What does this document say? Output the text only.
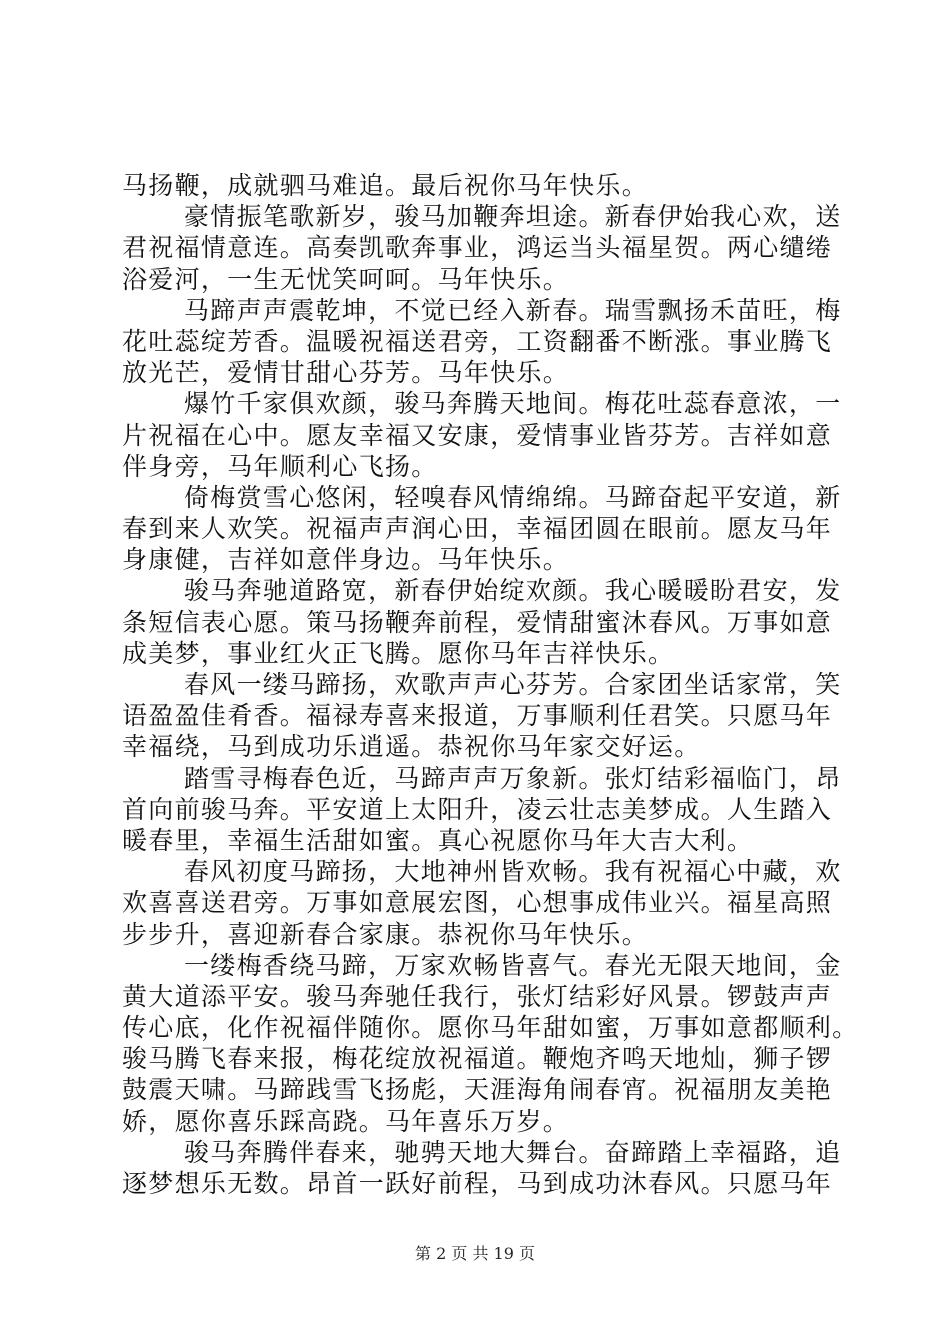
马扬鞭，成就驷马难追。最后祝你马年快乐。
豪情振笔歌新岁，骏马加鞭奔坦途。新春伊始我心欢，送
君祝福情意连。高奏凯歌奔事业，鸿运当头福星贺。两心缱绻
浴爱河，一生无忧笑呵呵。马年快乐。
马蹄声声震乾坤，不觉已经入新春。瑞雪飘扬禾苗旺，梅
花吐蕊绽芳香。温暖祝福送君旁，工资翻番不断涨。事业腾飞
放光芒，爱情甘甜心芬芳。马年快乐。
爆竹千家俱欢颜，骏马奔腾天地间。梅花吐蕊春意浓，一
片祝福在心中。愿友幸福又安康，爱情事业皆芬芳。吉祥如意
伴身旁，马年顺利心飞扬。
倚梅赏雪心悠闲，轻嗅春风情绵绵。马蹄奋起平安道，新
春到来人欢笑。祝福声声润心田，幸福团圆在眼前。愿友马年
身康健，吉祥如意伴身边。马年快乐。
骏马奔驰道路宽，新春伊始绽欢颜。我心暖暖盼君安，发
条短信表心愿。策马扬鞭奔前程，爱情甜蜜沐春风。万事如意
成美梦，事业红火正飞腾。愿你马年吉祥快乐。
春风一缕马蹄扬，欢歌声声心芬芳。合家团坐话家常，笑
语盈盈佳肴香。福禄寿喜来报道，万事顺利任君笑。只愿马年
幸福绕，马到成功乐逍遥。恭祝你马年家交好运。
踏雪寻梅春色近，马蹄声声万象新。张灯结彩福临门，昂
首向前骏马奔。平安道上太阳升，凌云壮志美梦成。人生踏入
暖春里，幸福生活甜如蜜。真心祝愿你马年大吉大利。
春风初度马蹄扬，大地神州皆欢畅。我有祝福心中藏，欢
欢喜喜送君旁。万事如意展宏图，心想事成伟业兴。福星高照
步步升，喜迎新春合家康。恭祝你马年快乐。
一缕梅香绕马蹄，万家欢畅皆喜气。春光无限天地间，金
黄大道添平安。骏马奔驰任我行，张灯结彩好风景。锣鼓声声
传心底，化作祝福伴随你。愿你马年甜如蜜，万事如意都顺利。
骏马腾飞春来报，梅花绽放祝福道。鞭炮齐鸣天地灿，狮子锣
鼓震天啸。马蹄践雪飞扬彪，天涯海角闹春宵。祝福朋友美艳
娇，愿你喜乐踩高跷。马年喜乐万岁。
骏马奔腾伴春来，驰骋天地大舞台。奋蹄踏上幸福路，追
逐梦想乐无数。昂首一跃好前程，马到成功沐春风。只愿马年
第 2 页 共 19 页
